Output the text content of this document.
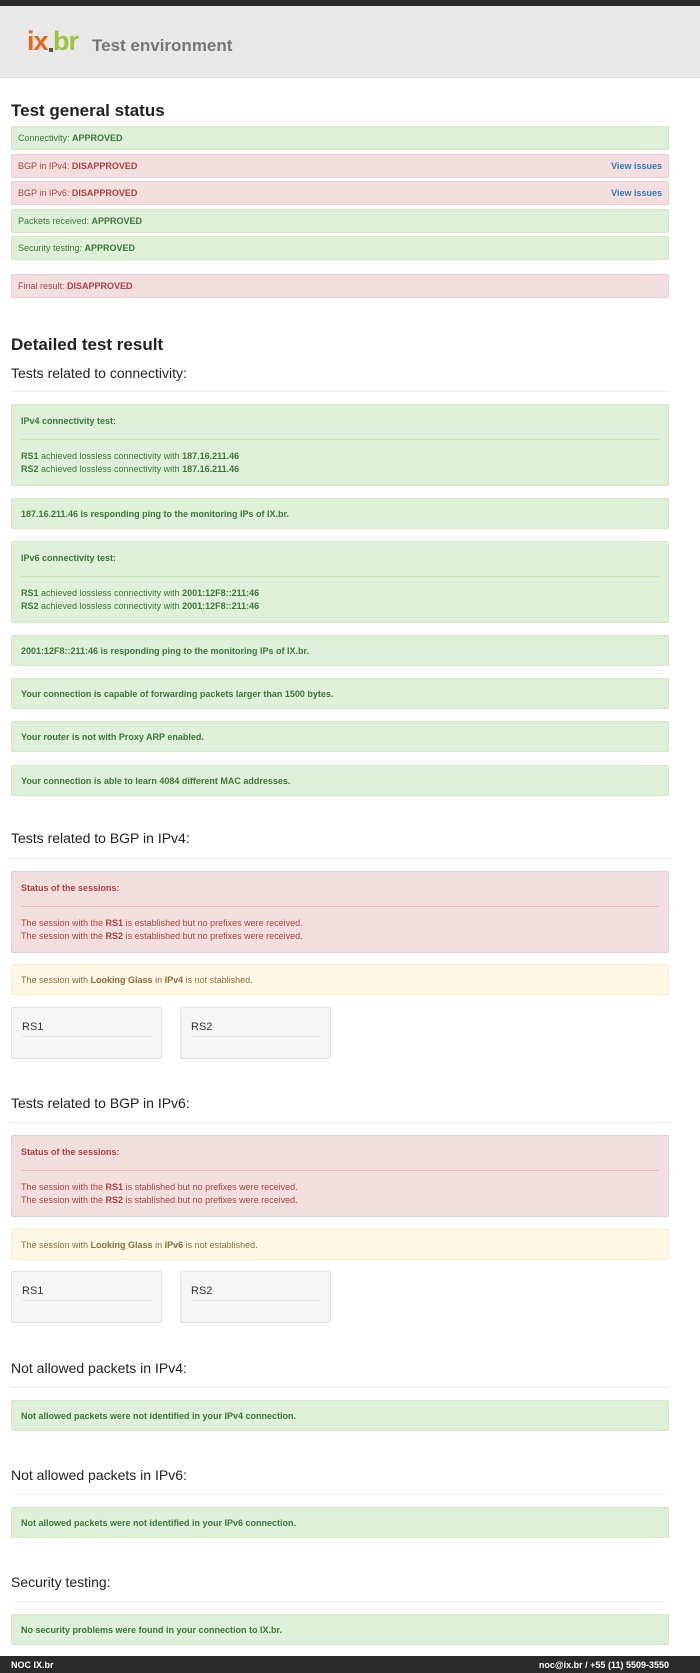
ix br Test environment
Test general status
Connectivity: APPROVED
BGP in IPv4: DISAPPROVED	View issues
BGP in IPv6: DISAPPROVED	View issues
Packets received: APPROVED
Security testing: APPROVED
Final result: DISAPPROVED
Detailed test result
Tests related to connectivity:
IPv4 connectivity test:
RS1 achieved lossless connectivity with 187.16.211.46
RS2 achieved lossless connectivity with 187.16.211.46
187.16.211.46 is responding ping to the monitoring IPs of IX.br.
IPv6 connectivity test:
RS1 achieved lossless connectivity with 2001:12F8::211:46
RS2 achieved lossless connectivity with 2001:12F8::211:46
2001:12F8::211:46 is responding ping to the monitoring IPs of IX.br.
Your connection is capable of forwarding packets larger than 1500 bytes.
Your router is not with Proxy ARP enabled.
Your connection is able to learn 4084 different MAC addresses.
Tests related to BGP in IPv4:
Status of the sessions:
The session with the RS1 is established but no prefixes were received.
The session with the RS2 is established but no prefixes were received.
The session with
Looking Glass
in
IPv4
is not stablished.
RS1	RS2
Tests related to BGP in IPv6:
Status of the sessions:
The session with the RS1 is stablished but no prefixes were received.
The session with the RS2 is stablished but no prefixes were received.
The session with
Looking Glass
in
IPv6
is not established.
RS1	RS2
Not allowed packets in IPv4:
Not allowed packets were not identified in your IPv4 connection.
Not allowed packets in IPv6:
Not allowed packets were not identified in your IPv6 connection.
Security testing:
No security problems were found in your connection to IX.br.
NOC IX.br	noc@ix.br / +55 (11) 5509-3550
